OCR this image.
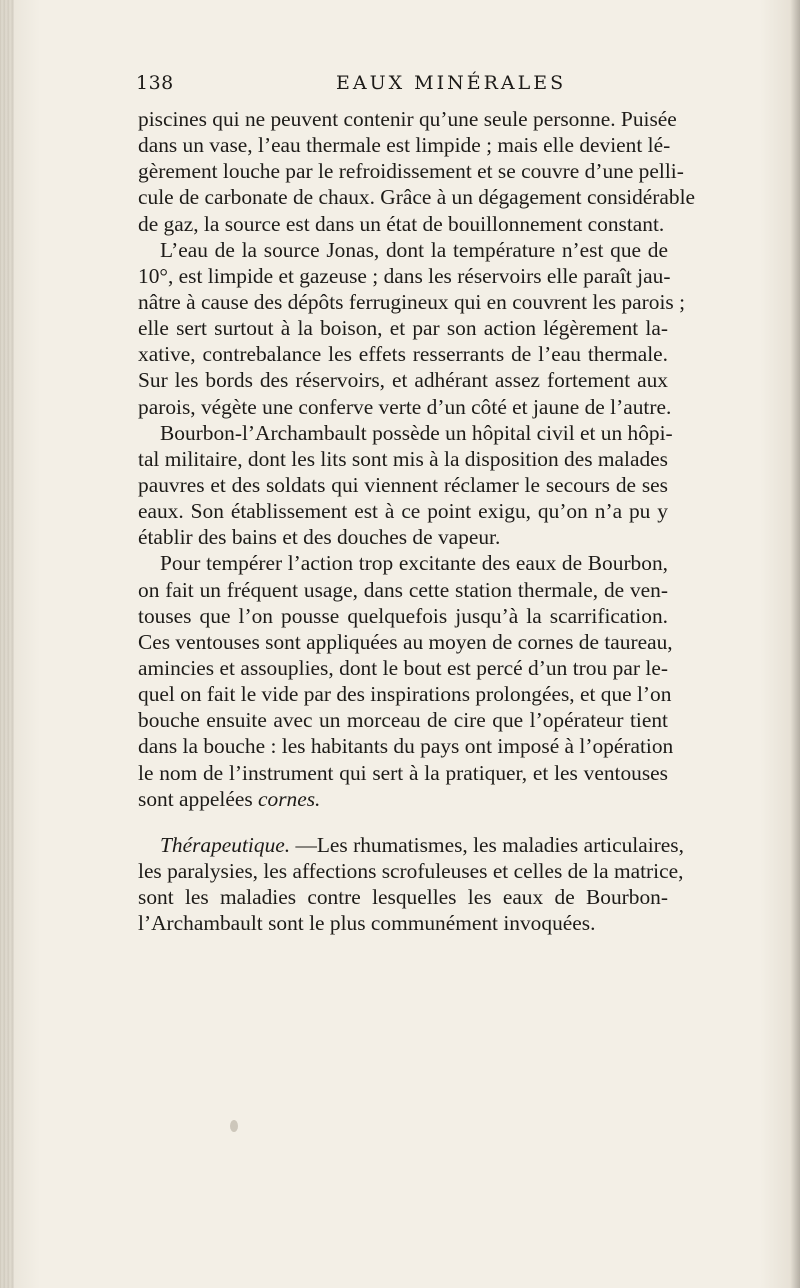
138	EAUX MINÉRALES
piscines qui ne peuvent contenir qu’une seule personne. Puisée
dans un vase, l’eau thermale est limpide ; mais elle devient lé-
gèrement louche par le refroidissement et se couvre d’une pelli-
cule de carbonate de chaux. Grâce à un dégagement considérable
de gaz, la source est dans un état de bouillonnement constant.
L’eau de la source Jonas, dont la température n’est que de
10°, est limpide et gazeuse ; dans les réservoirs elle paraît jau-
nâtre à cause des dépôts ferrugineux qui en couvrent les parois ;
elle sert surtout à la boison, et par son action légèrement la-
xative, contrebalance les effets resserrants de l’eau thermale.
Sur les bords des réservoirs, et adhérant assez fortement aux
parois, végète une conferve verte d’un côté et jaune de l’autre.
Bourbon-l’Archambault possède un hôpital civil et un hôpi-
tal militaire, dont les lits sont mis à la disposition des malades
pauvres et des soldats qui viennent réclamer le secours de ses
eaux. Son établissement est à ce point exigu, qu’on n’a pu y
établir des bains et des douches de vapeur.
Pour tempérer l’action trop excitante des eaux de Bourbon,
on fait un fréquent usage, dans cette station thermale, de ven-
touses que l’on pousse quelquefois jusqu’à la scarrification.
Ces ventouses sont appliquées au moyen de cornes de taureau,
amincies et assouplies, dont le bout est percé d’un trou par le-
quel on fait le vide par des inspirations prolongées, et que l’on
bouche ensuite avec un morceau de cire que l’opérateur tient
dans la bouche : les habitants du pays ont imposé à l’opération
le nom de l’instrument qui sert à la pratiquer, et les ventouses
sont appelées cornes.
Thérapeutique. —Les rhumatismes, les maladies articulaires,
les paralysies, les affections scrofuleuses et celles de la matrice,
sont les maladies contre lesquelles les eaux de Bourbon-
l’Archambault sont le plus communément invoquées.
